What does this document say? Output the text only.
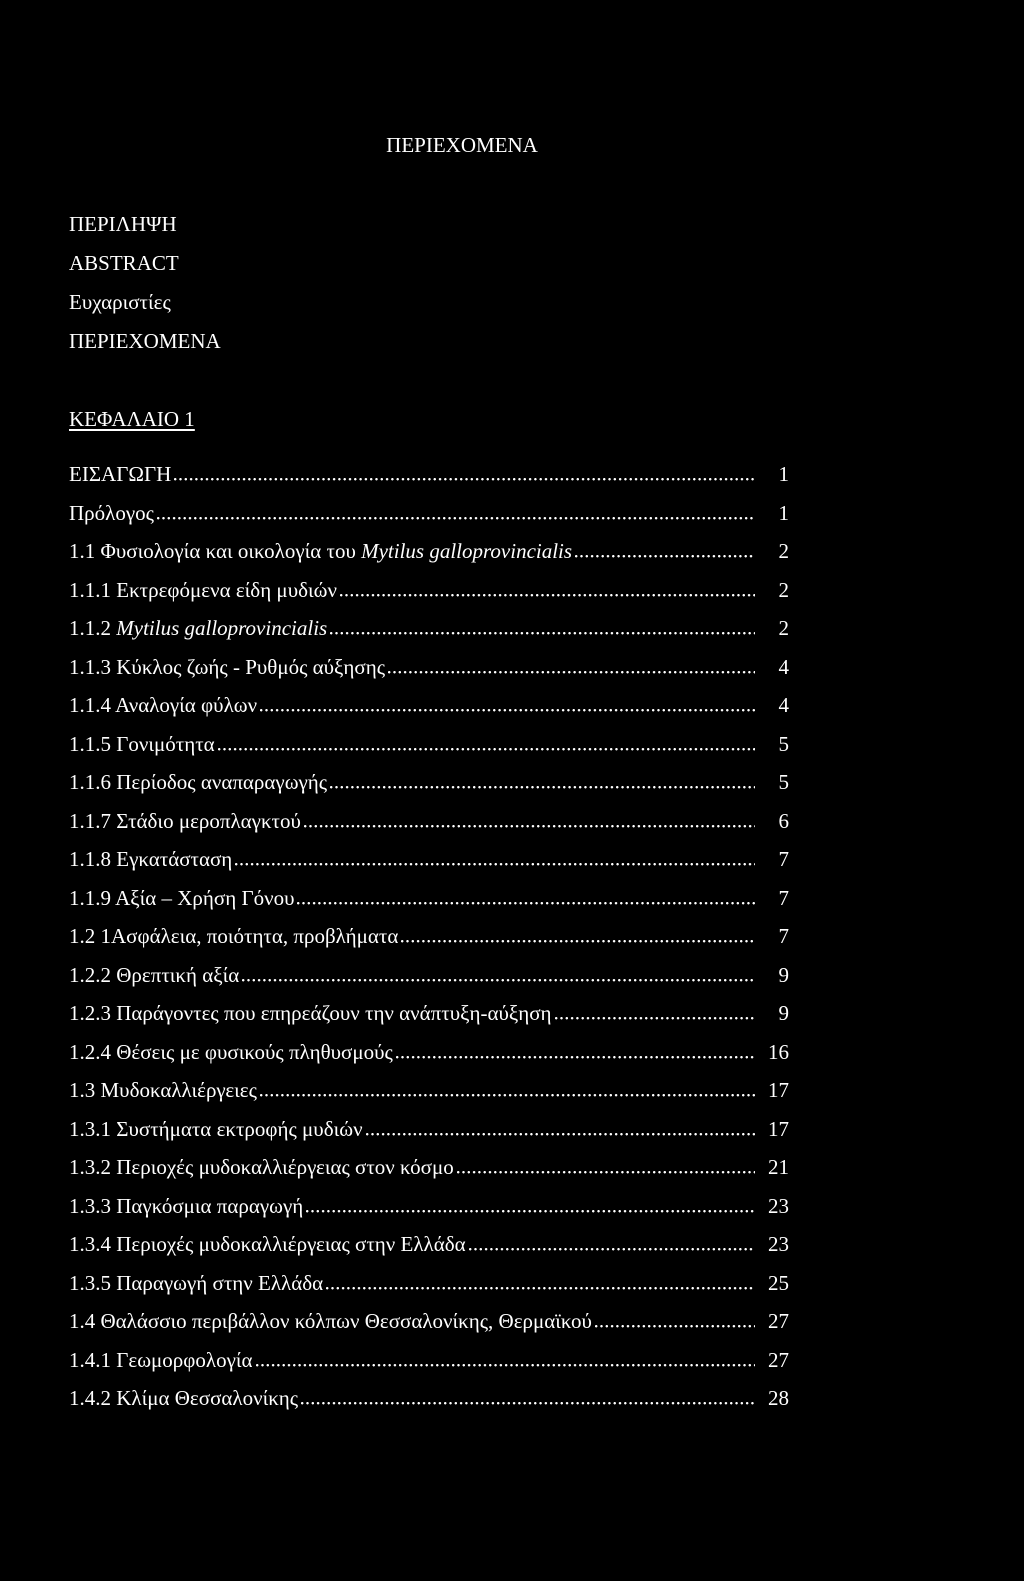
ΠΕΡΙΕΧΟΜΕΝΑ
ΠΕΡΙΛΗΨΗ
ABSTRACT
Ευχαριστίες
ΠΕΡΙΕΧΟΜΕΝΑ
ΚΕΦΑΛΑΙΟ 1
ΕΙΣΑΓΩΓΗ	1
Πρόλογος	1
1.1 Φυσιολογία και οικολογία του Mytilus galloprovincialis	2
1.1.1 Εκτρεφόμενα είδη μυδιών	2
1.1.2 Mytilus galloprovincialis	2
1.1.3 Κύκλος ζωής - Ρυθμός αύξησης	4
1.1.4 Αναλογία φύλων	4
1.1.5 Γονιμότητα	5
1.1.6 Περίοδος αναπαραγωγής	5
1.1.7 Στάδιο μεροπλαγκτού	6
1.1.8 Εγκατάσταση	7
1.1.9 Αξία – Χρήση Γόνου	7
1.2 1Ασφάλεια, ποιότητα, προβλήματα	7
1.2.2 Θρεπτική αξία	9
1.2.3 Παράγοντες που επηρεάζουν την ανάπτυξη-αύξηση	9
1.2.4 Θέσεις με φυσικούς πληθυσμούς	16
1.3 Μυδοκαλλιέργειες	17
1.3.1 Συστήματα εκτροφής μυδιών	17
1.3.2 Περιοχές μυδοκαλλιέργειας στον κόσμο	21
1.3.3 Παγκόσμια παραγωγή	23
1.3.4 Περιοχές μυδοκαλλιέργειας στην Ελλάδα	23
1.3.5 Παραγωγή στην Ελλάδα	25
1.4 Θαλάσσιο περιβάλλον κόλπων Θεσσαλονίκης, Θερμαϊκού	27
1.4.1 Γεωμορφολογία	27
1.4.2 Κλίμα Θεσσαλονίκης	28
